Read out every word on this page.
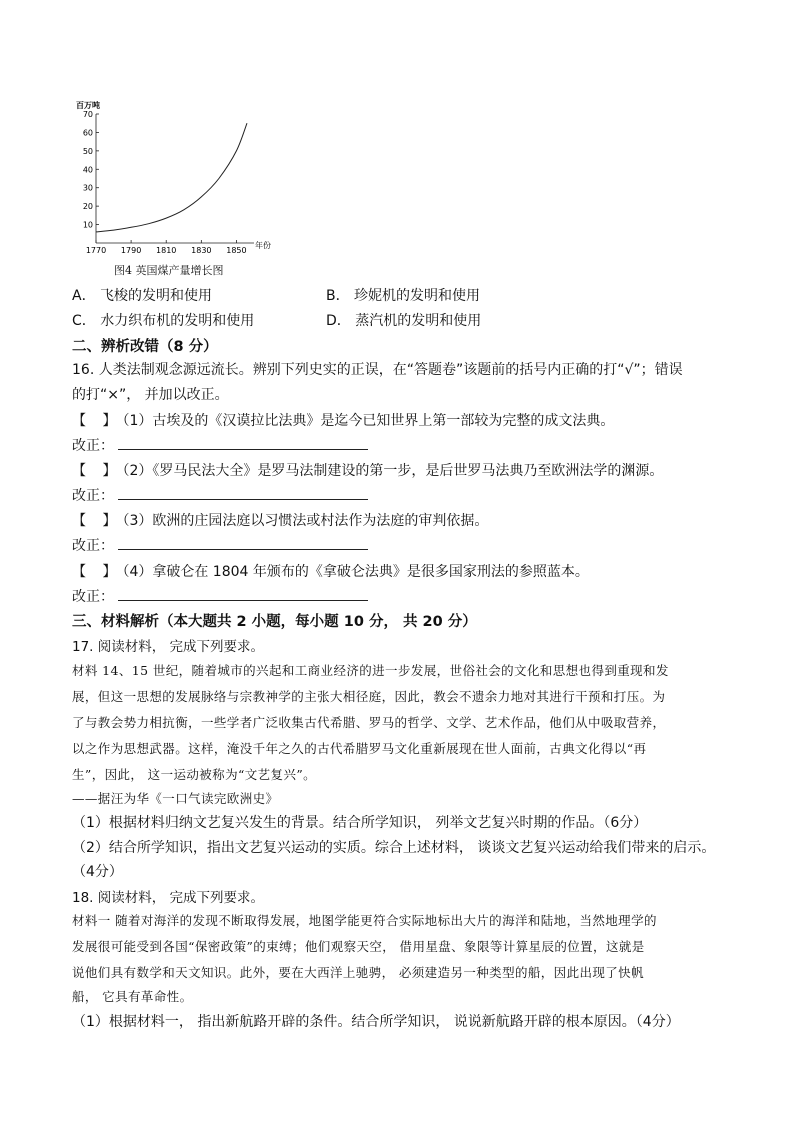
百万吨
年份
10
20
30
40
50
60
70
1770 1790 1810 1830 1850
图4 英国煤产量增长图
A． 飞梭的发明和使用	B． 珍妮机的发明和使用
C． 水力织布机的发明和使用	D． 蒸汽机的发明和使用
二、辨析改错（8 分）
16. 人类法制观念源远流长。辨别下列史实的正误，在“答题卷”该题前的括号内正确的打“√”；错误
的打“×”， 并加以改正。
【 】（1）古埃及的《汉谟拉比法典》是迄今已知世界上第一部较为完整的成文法典。
改正：
【 】（2）《罗马民法大全》是罗马法制建设的第一步，是后世罗马法典乃至欧洲法学的渊源。
改正：
【 】（3）欧洲的庄园法庭以习惯法或村法作为法庭的审判依据。
改正：
【 】（4）拿破仑在 1804 年颁布的《拿破仑法典》是很多国家刑法的参照蓝本。
改正：
三、材料解析（本大题共 2 小题，每小题 10 分， 共 20 分）
17. 阅读材料， 完成下列要求。
材料 14、15 世纪，随着城市的兴起和工商业经济的进一步发展，世俗社会的文化和思想也得到重现和发
展，但这一思想的发展脉络与宗教神学的主张大相径庭，因此，教会不遗余力地对其进行干预和打压。为
了与教会势力相抗衡，一些学者广泛收集古代希腊、罗马的哲学、文学、艺术作品，他们从中吸取营养，
以之作为思想武器。这样，淹没千年之久的古代希腊罗马文化重新展现在世人面前，古典文化得以“再
生”，因此， 这一运动被称为“文艺复兴”。
——据汪为华《一口气读完欧洲史》
（1）根据材料归纳文艺复兴发生的背景。结合所学知识， 列举文艺复兴时期的作品。（6分）
（2）结合所学知识，指出文艺复兴运动的实质。综合上述材料， 谈谈文艺复兴运动给我们带来的启示。
（4分）
18. 阅读材料， 完成下列要求。
材料一 随着对海洋的发现不断取得发展，地图学能更符合实际地标出大片的海洋和陆地，当然地理学的
发展很可能受到各国“保密政策”的束缚；他们观察天空， 借用星盘、象限等计算星辰的位置，这就是
说他们具有数学和天文知识。此外，要在大西洋上驰骋， 必须建造另一种类型的船，因此出现了快帆
船， 它具有革命性。
（1）根据材料一， 指出新航路开辟的条件。结合所学知识， 说说新航路开辟的根本原因。（4分）
